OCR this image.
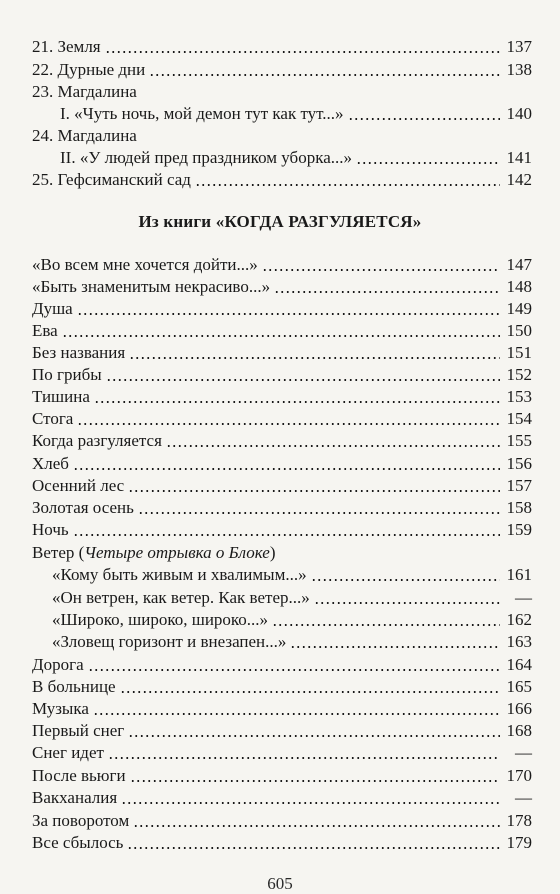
21. Земля	137
22. Дурные дни	138
23. Магдалина
I. «Чуть ночь, мой демон тут как тут...»	140
24. Магдалина
II. «У людей пред праздником уборка...»	141
25. Гефсиманский сад	142
Из книги «КОГДА РАЗГУЛЯЕТСЯ»
«Во всем мне хочется дойти...»	147
«Быть знаменитым некрасиво...»	148
Душа	149
Ева	150
Без названия	151
По грибы	152
Тишина	153
Стога	154
Когда разгуляется	155
Хлеб	156
Осенний лес	157
Золотая осень	158
Ночь	159
Ветер (Четыре отрывка о Блоке)
«Кому быть живым и хвалимым...»	161
«Он ветрен, как ветер. Как ветер...»	—
«Широко, широко, широко...»	162
«Зловещ горизонт и внезапен...»	163
Дорога	164
В больнице	165
Музыка	166
Первый снег	168
Снег идет	—
После вьюги	170
Вакханалия	—
За поворотом	178
Все сбылось	179
605
